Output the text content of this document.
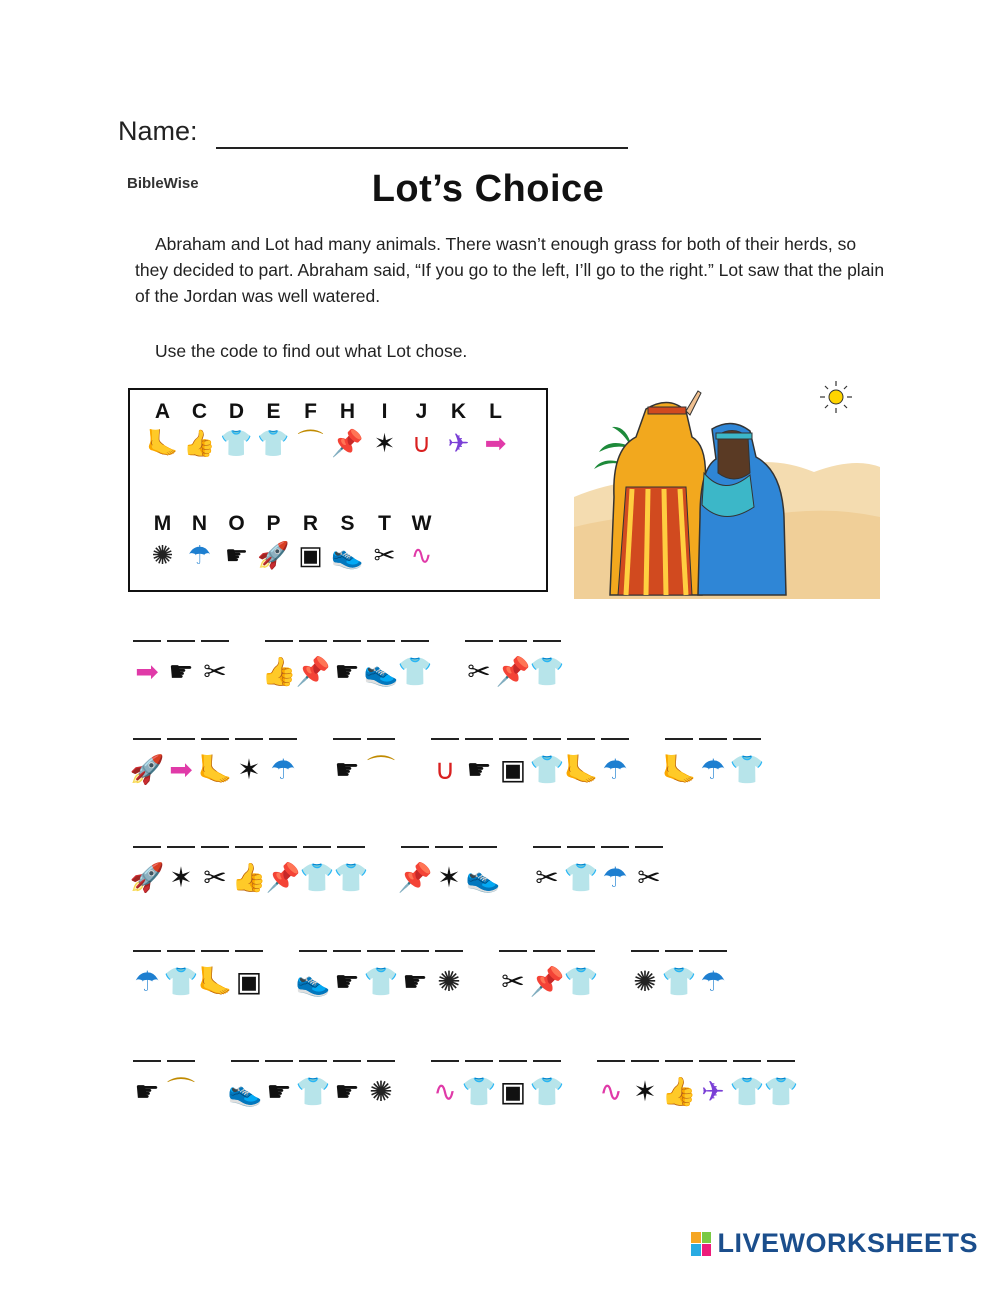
Name:
BibleWise	Lot’s Choice
Abraham and Lot had many animals. There wasn’t enough grass for both of their herds, so they decided to part. Abraham said, “If you go to the left, I’ll go to the right.” Lot saw that the plain of the Jordan was well watered.
Use the code to find out what Lot chose.
A
🦶
C
👍
D
👕
E
👕
F
⌒
H
📌
I
✶
J
∪
K
✈
L
➡
M
✺
N
☂
O
☛
P
🚀
R
▣
S
👟
T
✂
W
∿
➡ ☛ ✂ 👍 📌 ☛ 👟 👕 ✂ 📌 👕
🚀 ➡ 🦶 ✶ ☂ ☛ ⌒ ∪ ☛ ▣ 👕 🦶 ☂ 🦶 ☂ 👕
🚀 ✶ ✂ 👍 📌 👕 👕 📌 ✶ 👟 ✂ 👕 ☂ ✂
☂ 👕 🦶 ▣ 👟 ☛ 👕 ☛ ✺ ✂ 📌 👕 ✺ 👕 ☂
☛ ⌒ 👟 ☛ 👕 ☛ ✺ ∿ 👕 ▣ 👕 ∿ ✶ 👍 ✈ 👕 👕
LIVEWORKSHEETS
